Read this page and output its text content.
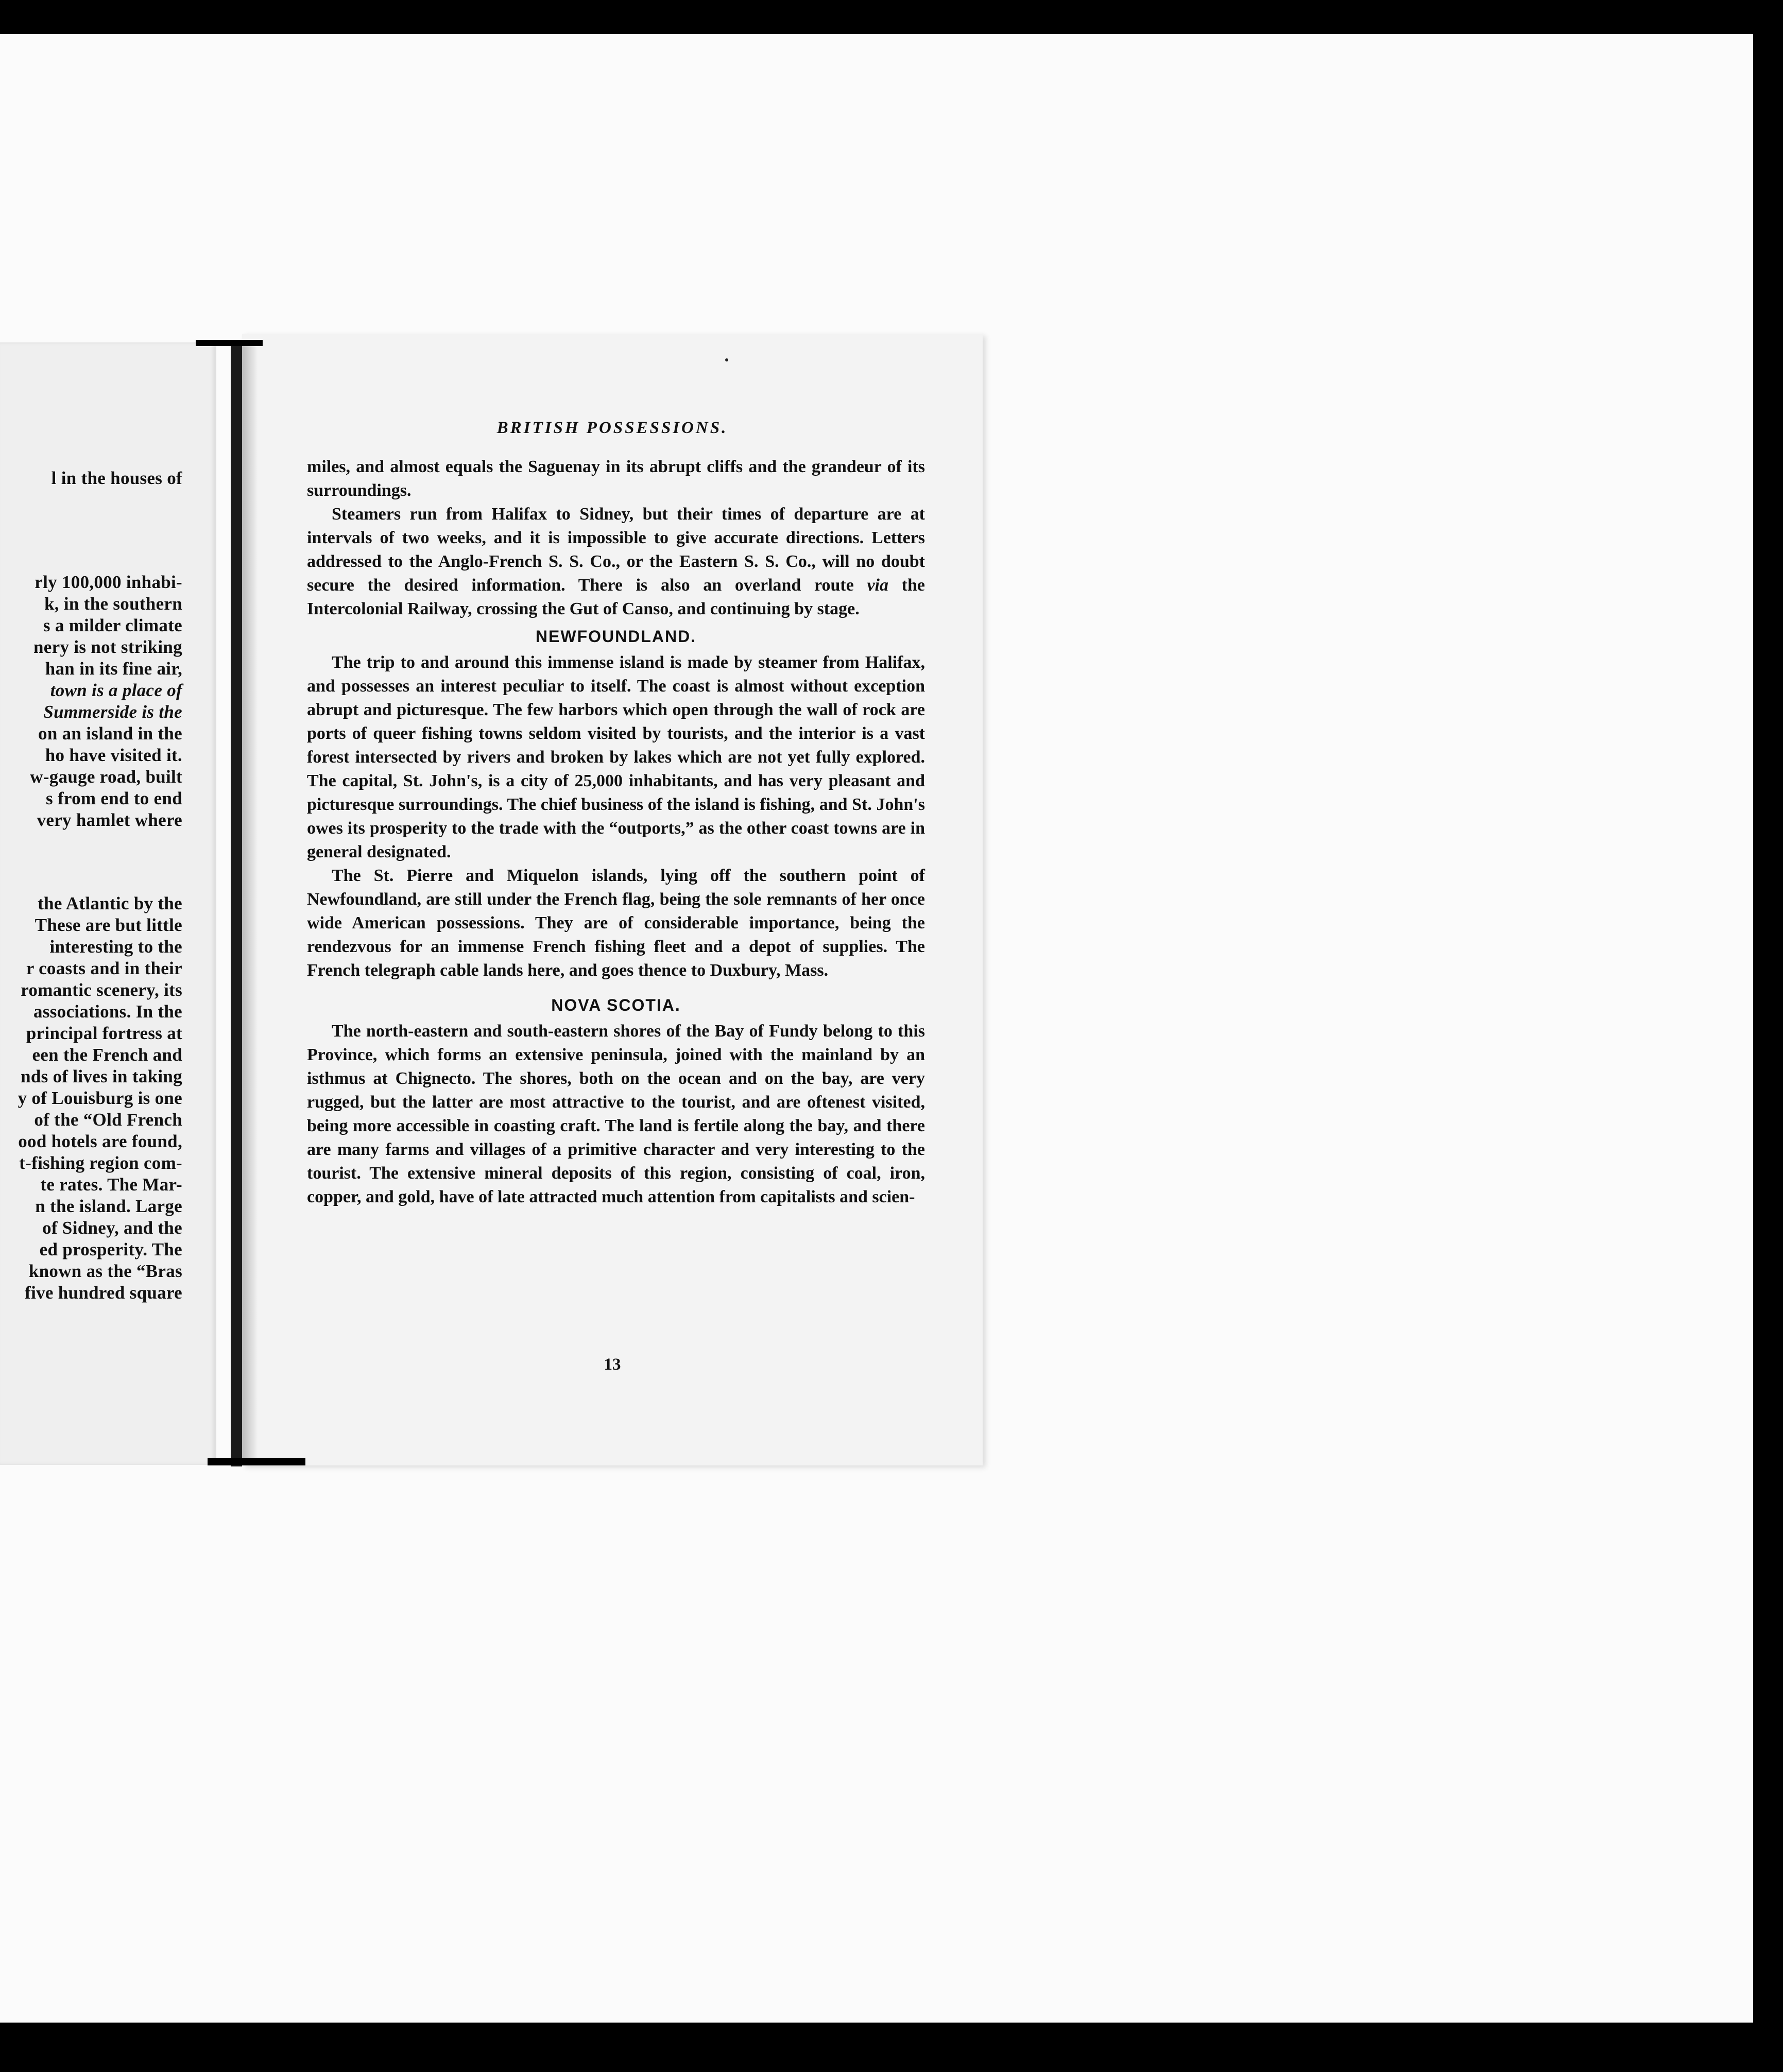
l in the houses of
rly 100,000 inhabi-
k, in the southern
s a milder climate
nery is not striking
han in its fine air,
town is a place of
Summerside is the
on an island in the
ho have visited it.
w-gauge road, built
s from end to end
very hamlet where
the Atlantic by the
These are but little
interesting to the
r coasts and in their
romantic scenery, its
associations. In the
principal fortress at
een the French and
nds of lives in taking
y of Louisburg is one
of the “Old French
ood hotels are found,
t-fishing region com-
te rates. The Mar-
n the island. Large
of Sidney, and the
ed prosperity. The
known as the “Bras
five hundred square
BRITISH POSSESSIONS.

miles, and almost equals the Saguenay in its abrupt cliffs and the grandeur of its surroundings.

Steamers run from Halifax to Sidney, but their times of departure are at intervals of two weeks, and it is impossible to give accurate directions. Letters addressed to the Anglo-French S. S. Co., or the Eastern S. S. Co., will no doubt secure the desired information. There is also an overland route via the Intercolonial Railway, crossing the Gut of Canso, and continuing by stage.

NEWFOUNDLAND.

The trip to and around this immense island is made by steamer from Halifax, and possesses an interest peculiar to itself. The coast is almost without exception abrupt and picturesque. The few harbors which open through the wall of rock are ports of queer fishing towns seldom visited by tourists, and the interior is a vast forest intersected by rivers and broken by lakes which are not yet fully explored. The capital, St. John's, is a city of 25,000 inhabitants, and has very pleasant and picturesque surroundings. The chief business of the island is fishing, and St. John's owes its prosperity to the trade with the “outports,” as the other coast towns are in general designated.

The St. Pierre and Miquelon islands, lying off the southern point of Newfoundland, are still under the French flag, being the sole remnants of her once wide American possessions. They are of considerable importance, being the rendezvous for an immense French fishing fleet and a depot of supplies. The French telegraph cable lands here, and goes thence to Duxbury, Mass.

NOVA SCOTIA.

The north-eastern and south-eastern shores of the Bay of Fundy belong to this Province, which forms an extensive peninsula, joined with the mainland by an isthmus at Chignecto. The shores, both on the ocean and on the bay, are very rugged, but the latter are most attractive to the tourist, and are oftenest visited, being more accessible in coasting craft. The land is fertile along the bay, and there are many farms and villages of a primitive character and very interesting to the tourist. The extensive mineral deposits of this region, consisting of coal, iron, copper, and gold, have of late attracted much attention from capitalists and scien-

13
